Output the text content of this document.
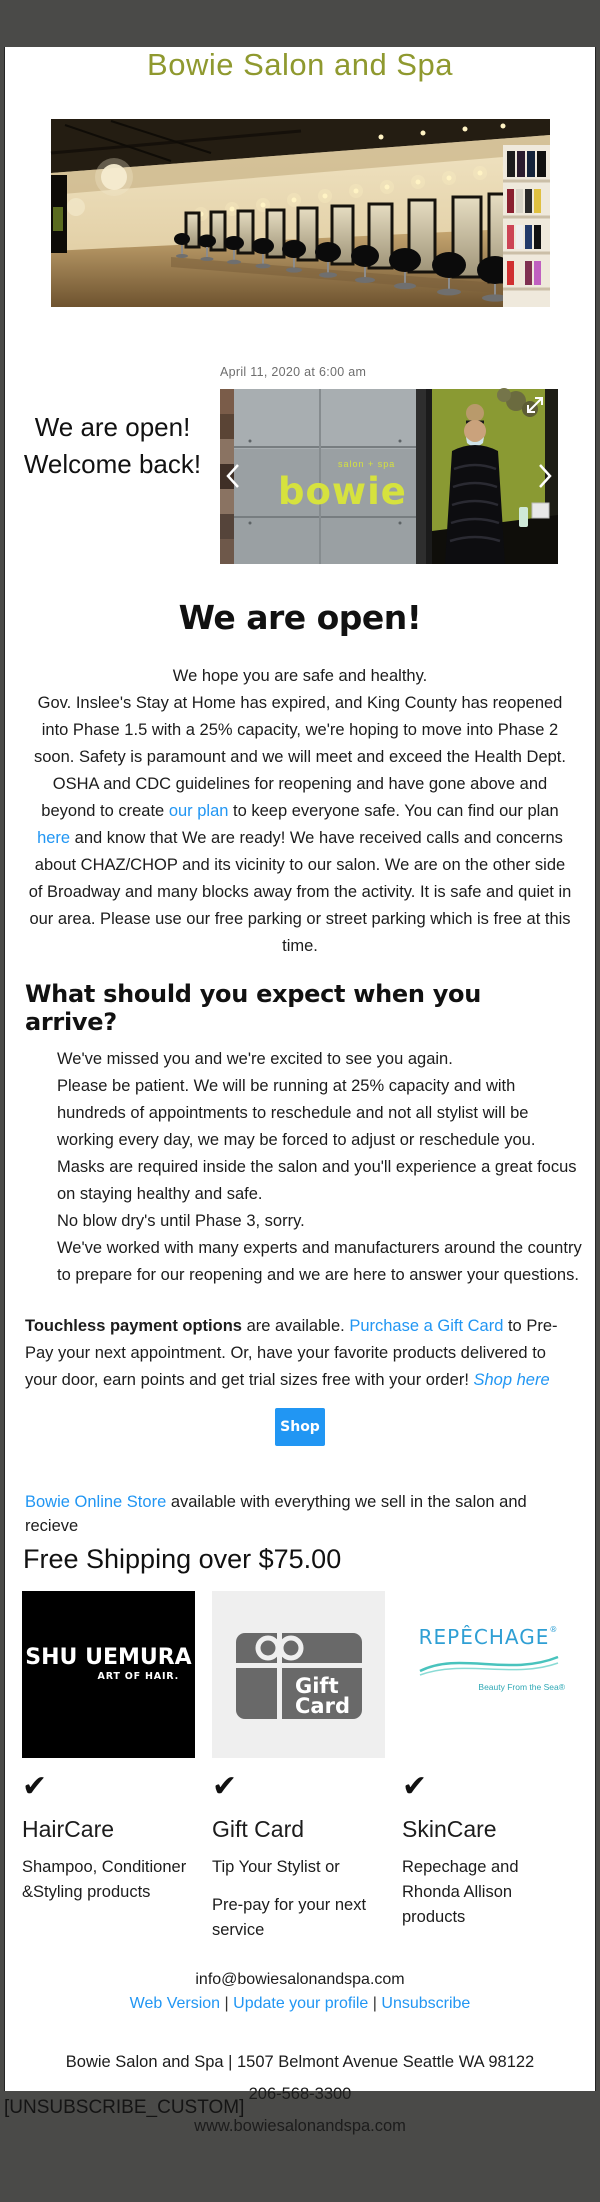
Bowie Salon and Spa
We are open!
Welcome back!
April 11, 2020 at 6:00 am
salon + spa
bowie
We are open!
We hope you are safe and healthy.
Gov. Inslee's Stay at Home has expired, and King County has reopened into Phase 1.5 with a 25% capacity, we're hoping to move into Phase 2 soon. Safety is paramount and we will meet and exceed the Health Dept. OSHA and CDC guidelines for reopening and have gone above and beyond to create our plan to keep everyone safe. You can find our plan here and know that We are ready! We have received calls and concerns about CHAZ/CHOP and its vicinity to our salon. We are on the other side of Broadway and many blocks away from the activity. It is safe and quiet in our area. Please use our free parking or street parking which is free at this time.
What should you expect when you arrive?
We've missed you and we're excited to see you again.
Please be patient. We will be running at 25% capacity and with hundreds of appointments to reschedule and not all stylist will be working every day, we may be forced to adjust or reschedule you.
Masks are required inside the salon and you'll experience a great focus on staying healthy and safe.
No blow dry's until Phase 3, sorry.
We've worked with many experts and manufacturers around the country to prepare for our reopening and we are here to answer your questions.
Touchless payment options are available. Purchase a Gift Card to Pre-Pay your next appointment. Or, have your favorite products delivered to your door, earn points and get trial sizes free with your order! Shop here
Shop
Bowie Online Store available with everything we sell in the salon and recieve
Free Shipping over $75.00
SHU UEMURA
ART OF HAIR.
✔
HairCare
Shampoo, Conditioner &Styling products
Gift
Card
✔
Gift Card
Tip Your Stylist or
Pre-pay for your next service
REPÊCHAGE®
Beauty From the Sea®
✔
SkinCare
Repechage and Rhonda Allison products
info@bowiesalonandspa.com
Web Version | Update your profile | Unsubscribe
Bowie Salon and Spa | 1507 Belmont Avenue Seattle WA 98122
206-568-3300
www.bowiesalonandspa.com
[UNSUBSCRIBE_CUSTOM]
